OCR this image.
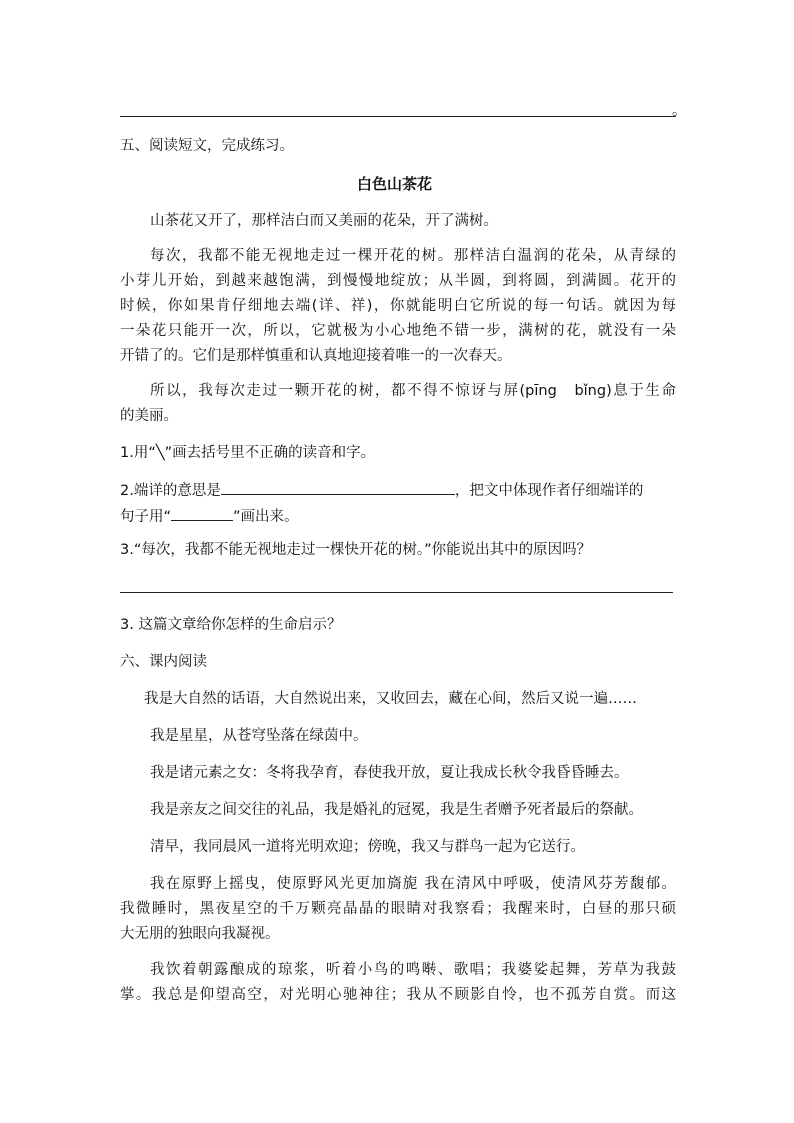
。
五、阅读短文，完成练习。
白色山茶花
山茶花又开了，那样洁白而又美丽的花朵，开了满树。
每次，我都不能无视地走过一棵开花的树。那样洁白温润的花朵，从青绿的
小芽儿开始，到越来越饱满，到慢慢地绽放；从半圆，到将圆，到满圆。花开的
时候，你如果肯仔细地去端(详、祥)，你就能明白它所说的每一句话。就因为每
一朵花只能开一次，所以，它就极为小心地绝不错一步，满树的花，就没有一朵
开错了的。它们是那样慎重和认真地迎接着唯一的一次春天。
所以，我每次走过一颗开花的树，都不得不惊讶与屏(pīng　bǐng)息于生命
的美丽。
1.用“╲”画去括号里不正确的读音和字。
2.端详的意思是	，把文中体现作者仔细端详的
句子用“	”画出来。
3.“每次，我都不能无视地走过一棵快开花的树。”你能说出其中的原因吗？
3. 这篇文章给你怎样的生命启示？
六、课内阅读
我是大自然的话语，大自然说出来，又收回去，藏在心间，然后又说一遍……
我是星星，从苍穹坠落在绿茵中。
我是诸元素之女：冬将我孕育，春使我开放，夏让我成长秋令我昏昏睡去。
我是亲友之间交往的礼品，我是婚礼的冠冕，我是生者赠予死者最后的祭献。
清早，我同晨风一道将光明欢迎；傍晚，我又与群鸟一起为它送行。
我在原野上摇曳，使原野风光更加旖旎 我在清风中呼吸，使清风芬芳馥郁。
我微睡时，黑夜星空的千万颗亮晶晶的眼睛对我察看；我醒来时，白昼的那只硕
大无朋的独眼向我凝视。
我饮着朝露酿成的琼浆，听着小鸟的鸣啭、歌唱；我婆娑起舞，芳草为我鼓
掌。我总是仰望高空，对光明心驰神往；我从不顾影自怜，也不孤芳自赏。而这
